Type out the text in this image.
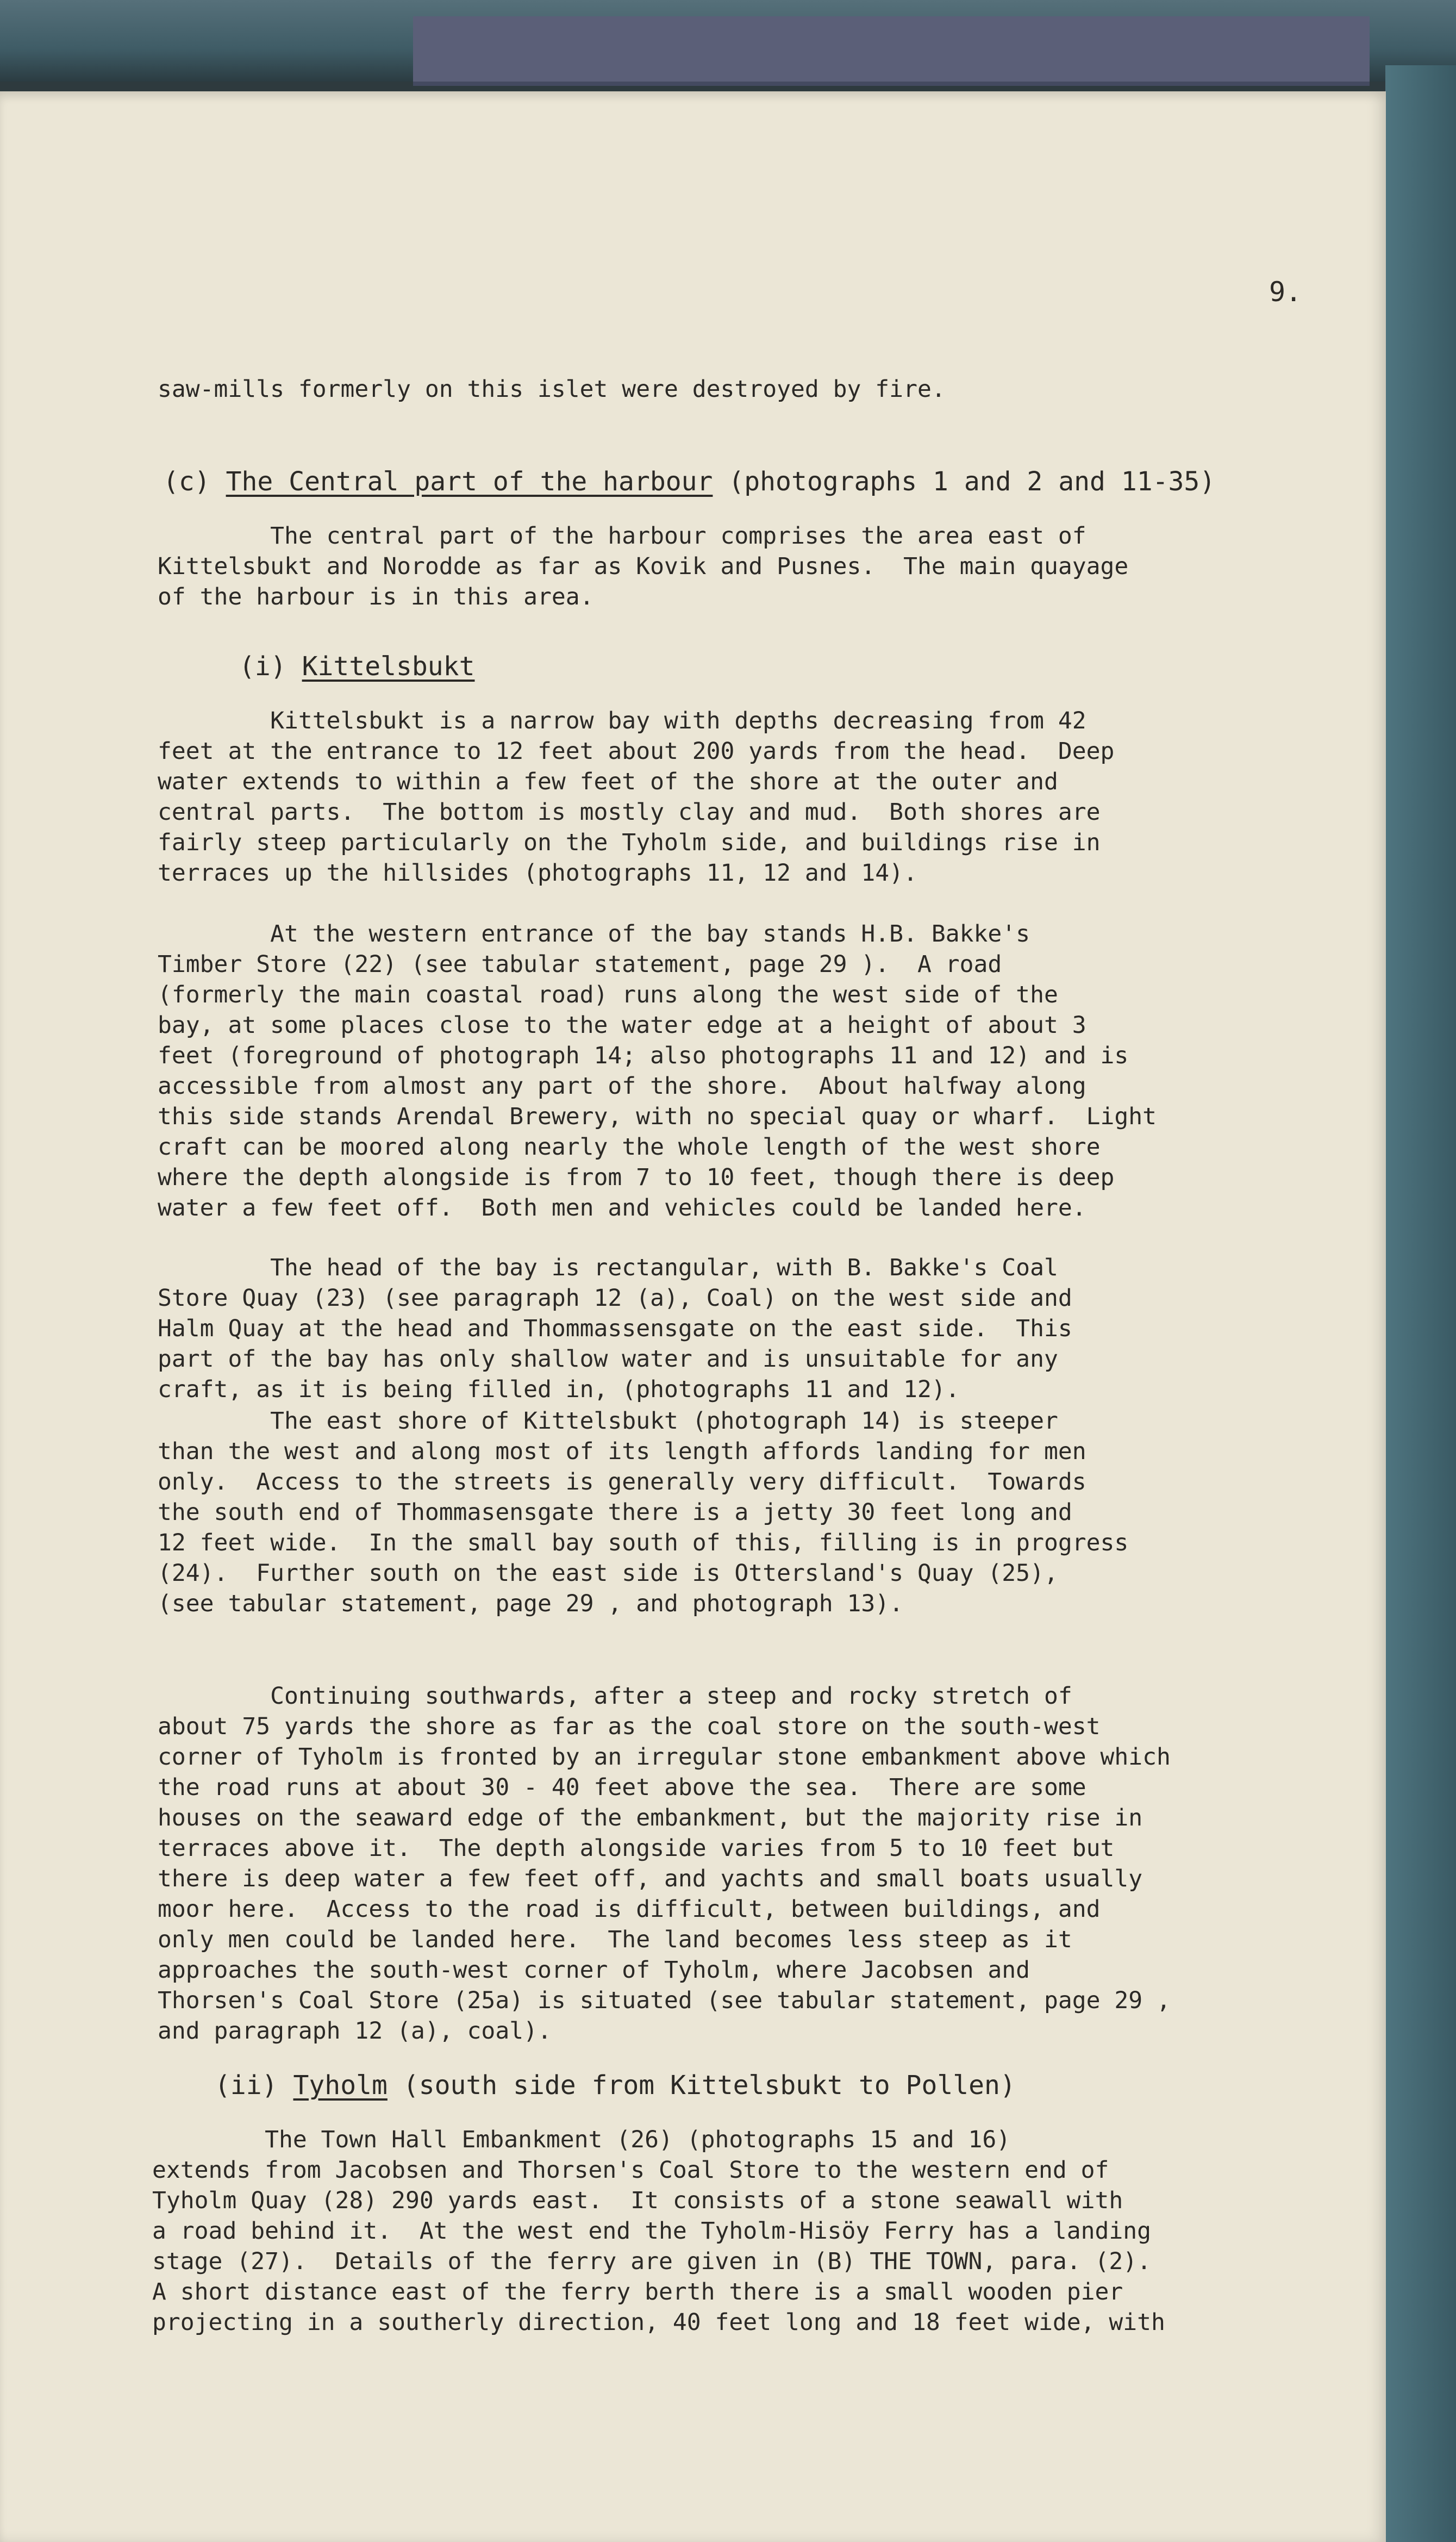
9.
saw-mills formerly on this islet were destroyed by fire.
(c) The Central part of the harbour (photographs 1 and 2 and 11-35)
The central part of the harbour comprises the area east of
Kittelsbukt and Norodde as far as Kovik and Pusnes.  The main quayage
of the harbour is in this area.
(i) Kittelsbukt
Kittelsbukt is a narrow bay with depths decreasing from 42
feet at the entrance to 12 feet about 200 yards from the head.  Deep
water extends to within a few feet of the shore at the outer and
central parts.  The bottom is mostly clay and mud.  Both shores are
fairly steep particularly on the Tyholm side, and buildings rise in
terraces up the hillsides (photographs 11, 12 and 14).
At the western entrance of the bay stands H.B. Bakke's
Timber Store (22) (see tabular statement, page 29 ).  A road
(formerly the main coastal road) runs along the west side of the
bay, at some places close to the water edge at a height of about 3
feet (foreground of photograph 14; also photographs 11 and 12) and is
accessible from almost any part of the shore.  About halfway along
this side stands Arendal Brewery, with no special quay or wharf.  Light
craft can be moored along nearly the whole length of the west shore
where the depth alongside is from 7 to 10 feet, though there is deep
water a few feet off.  Both men and vehicles could be landed here.
The head of the bay is rectangular, with B. Bakke's Coal
Store Quay (23) (see paragraph 12 (a), Coal) on the west side and
Halm Quay at the head and Thommassensgate on the east side.  This
part of the bay has only shallow water and is unsuitable for any
craft, as it is being filled in, (photographs 11 and 12).
The east shore of Kittelsbukt (photograph 14) is steeper
than the west and along most of its length affords landing for men
only.  Access to the streets is generally very difficult.  Towards
the south end of Thommasensgate there is a jetty 30 feet long and
12 feet wide.  In the small bay south of this, filling is in progress
(24).  Further south on the east side is Ottersland's Quay (25),
(see tabular statement, page 29 , and photograph 13).
Continuing southwards, after a steep and rocky stretch of
about 75 yards the shore as far as the coal store on the south-west
corner of Tyholm is fronted by an irregular stone embankment above which
the road runs at about 30 - 40 feet above the sea.  There are some
houses on the seaward edge of the embankment, but the majority rise in
terraces above it.  The depth alongside varies from 5 to 10 feet but
there is deep water a few feet off, and yachts and small boats usually
moor here.  Access to the road is difficult, between buildings, and
only men could be landed here.  The land becomes less steep as it
approaches the south-west corner of Tyholm, where Jacobsen and
Thorsen's Coal Store (25a) is situated (see tabular statement, page 29 ,
and paragraph 12 (a), coal).
(ii) Tyholm (south side from Kittelsbukt to Pollen)
The Town Hall Embankment (26) (photographs 15 and 16)
extends from Jacobsen and Thorsen's Coal Store to the western end of
Tyholm Quay (28) 290 yards east.  It consists of a stone seawall with
a road behind it.  At the west end the Tyholm-Hisöy Ferry has a landing
stage (27).  Details of the ferry are given in (B) THE TOWN, para. (2).
A short distance east of the ferry berth there is a small wooden pier
projecting in a southerly direction, 40 feet long and 18 feet wide, with
